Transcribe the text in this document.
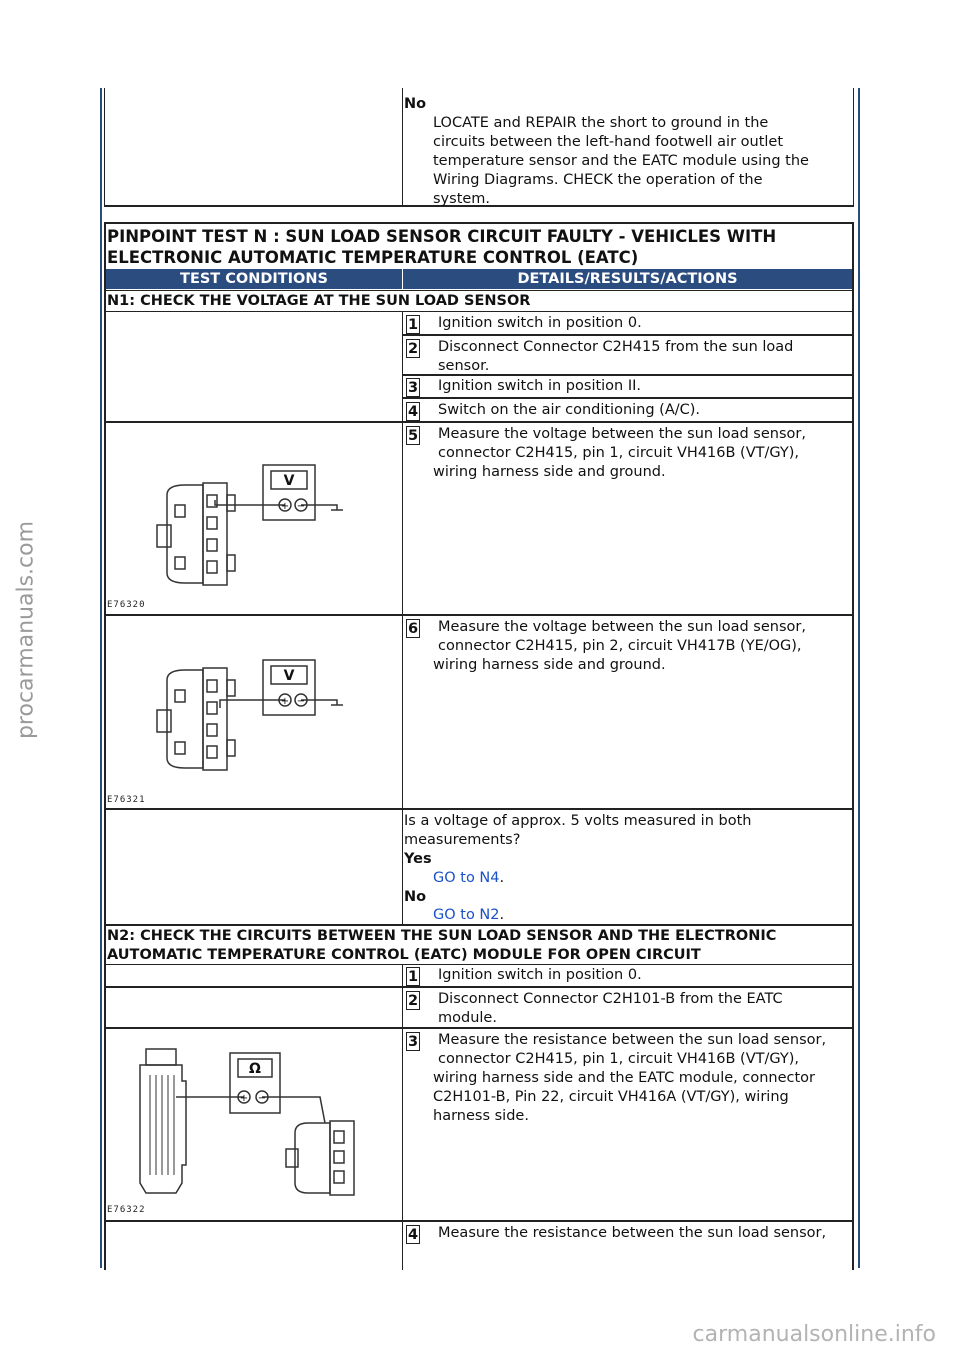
procarmanuals.com
carmanualsonline.info
No
LOCATE and REPAIR the short to ground in the
circuits between the left-hand footwell air outlet
temperature sensor and the EATC module using the
Wiring Diagrams. CHECK the operation of the
system.
PINPOINT TEST N : SUN LOAD SENSOR CIRCUIT FAULTY - VEHICLES WITH
ELECTRONIC AUTOMATIC TEMPERATURE CONTROL (EATC)
TEST CONDITIONS	DETAILS/RESULTS/ACTIONS
N1: CHECK THE VOLTAGE AT THE SUN LOAD SENSOR
1 Ignition switch in position 0.
2 Disconnect Connector C2H415 from the sun load
sensor.
3 Ignition switch in position II.
4 Switch on the air conditioning (A/C).
5 Measure the voltage between the sun load sensor,
connector C2H415, pin 1, circuit VH416B (VT/GY),
wiring harness side and ground.
V
+ −
E76320
6 Measure the voltage between the sun load sensor,
connector C2H415, pin 2, circuit VH417B (YE/OG),
wiring harness side and ground.
V
+ −
E76321
Is a voltage of approx. 5 volts measured in both
measurements?
Yes
GO to N4.
No
GO to N2.
N2: CHECK THE CIRCUITS BETWEEN THE SUN LOAD SENSOR AND THE ELECTRONIC
AUTOMATIC TEMPERATURE CONTROL (EATC) MODULE FOR OPEN CIRCUIT
1 Ignition switch in position 0.
2 Disconnect Connector C2H101-B from the EATC
module.
3 Measure the resistance between the sun load sensor,
connector C2H415, pin 1, circuit VH416B (VT/GY),
wiring harness side and the EATC module, connector
C2H101-B, Pin 22, circuit VH416A (VT/GY), wiring
harness side.
Ω
+ −
E76322
4 Measure the resistance between the sun load sensor,
